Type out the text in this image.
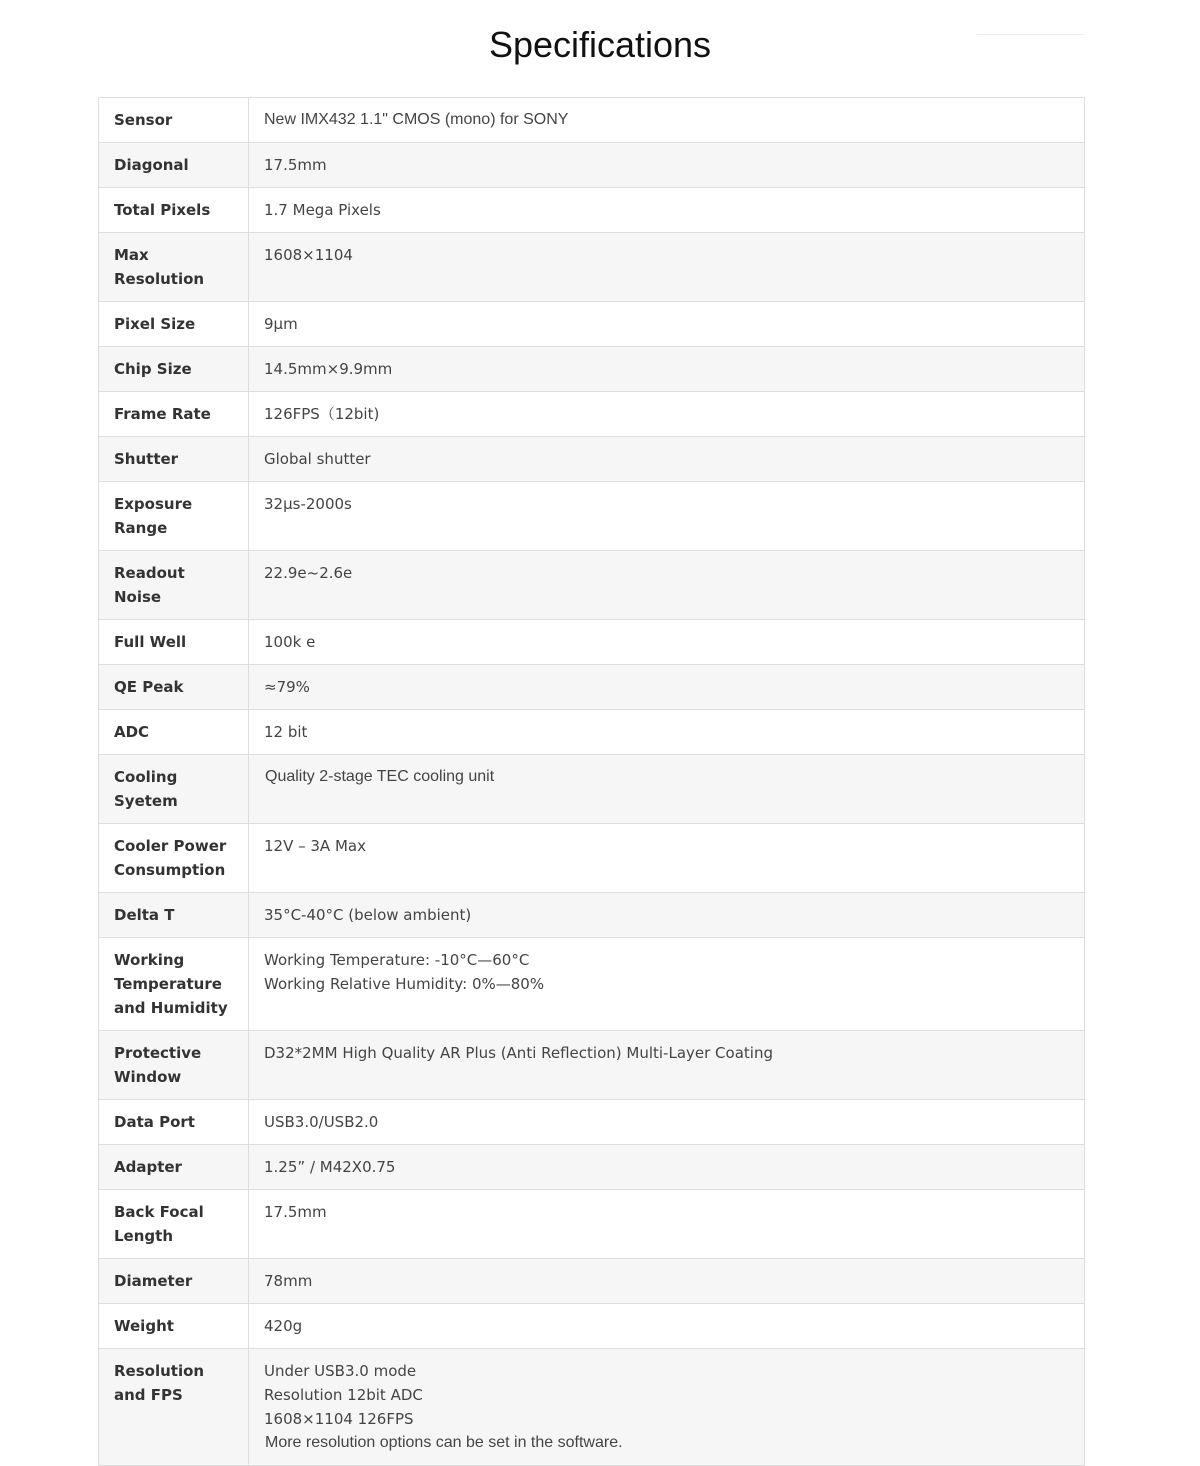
Specifications
Sensor	New IMX432 1.1" CMOS (mono) for SONY
Diagonal	17.5mm
Total Pixels	1.7 Mega Pixels
Max Resolution	1608×1104
Pixel Size	9μm
Chip Size	14.5mm×9.9mm
Frame Rate	126FPS（12bit)
Shutter	Global shutter
Exposure Range	32μs-2000s
Readout Noise	22.9e~2.6e
Full Well	100k e
QE Peak	≈79%
ADC	12 bit
Cooling Syetem	Quality 2-stage TEC cooling unit
Cooler Power Consumption	12V – 3A Max
Delta T	35°C-40°C (below ambient)
Working Temperature and Humidity	Working Temperature: -10°C—60°C
Working Relative Humidity: 0%—80%

Protective Window	D32*2MM High Quality AR Plus (Anti Reflection) Multi-Layer Coating
Data Port	USB3.0/USB2.0
Adapter	1.25” / M42X0.75
Back Focal Length	17.5mm
Diameter	78mm
Weight	420g
Resolution and FPS	Under USB3.0 mode
Resolution 12bit ADC
1608×1104 126FPS
More resolution options can be set in the software.
